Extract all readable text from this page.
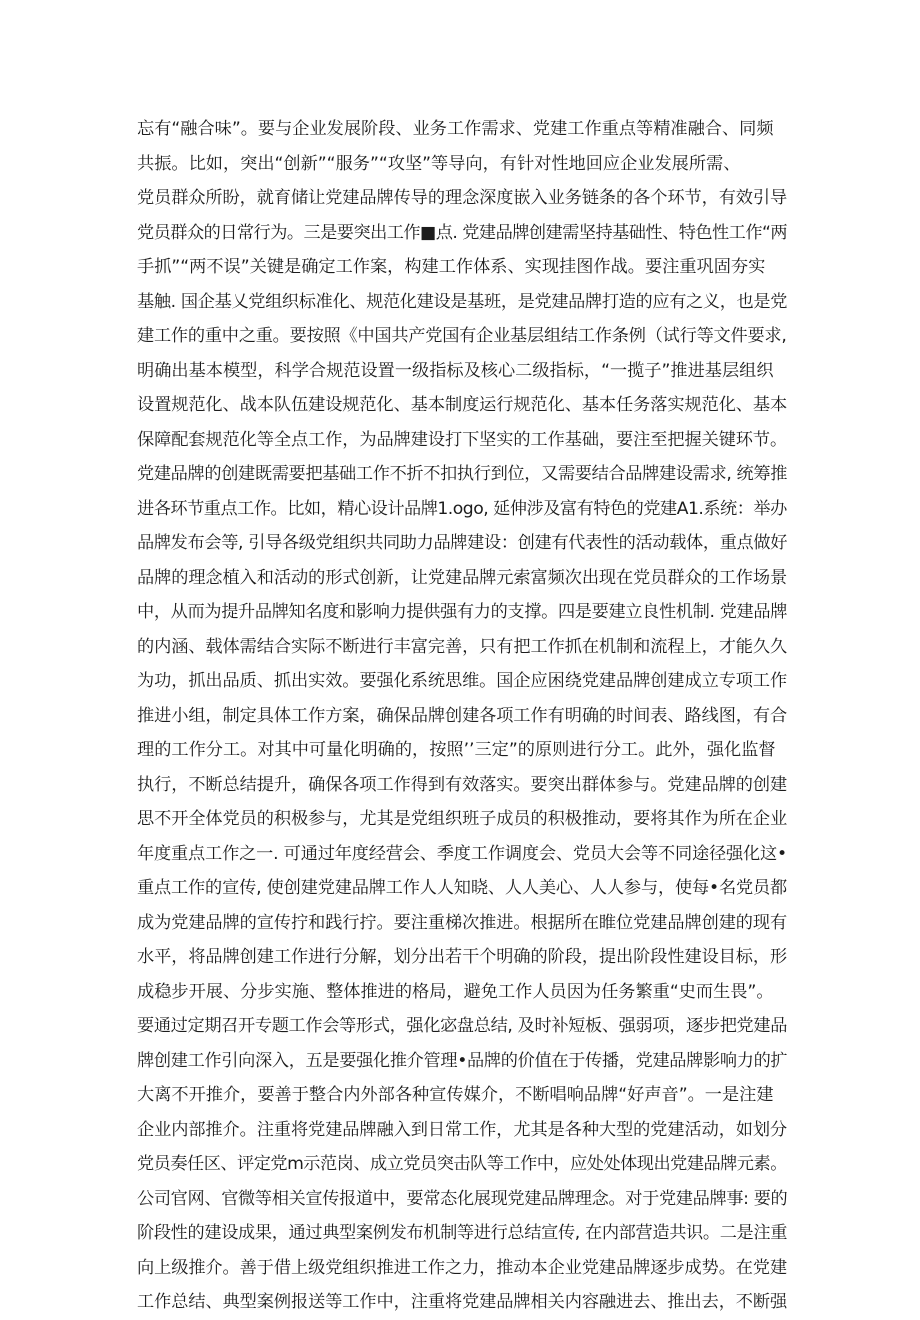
忘有“融合味”。要与企业发展阶段、业务工作需求、党建工作重点等精准融合、同频
共振。比如，突出“创新”“服务”“攻坚”等导向，有针对性地回应企业发展所需、
党员群众所盼，就育储让党建品牌传导的理念深度嵌入业务链条的各个环节，有效引导
党员群众的日常行为。三是要突出工作■点. 党建品牌创建需坚持基础性、特色性工作“两
手抓”“两不误”关键是确定工作案，构建工作体系、实现挂图作战。要注重巩固夯实
基触. 国企基乂党组织标准化、规范化建设是基班，是党建品牌打造的应有之义，也是党
建工作的重中之重。要按照《中国共产党国有企业基层组结工作条例（试行等文件要求,
明确出基本模型，科学合规范设置一级指标及核心二级指标，“一揽子”推进基层组织
设置规范化、战本队伍建设规范化、基本制度运行规范化、基本任务落实规范化、基本
保障配套规范化等全点工作，为品牌建设打下坚实的工作基础，要注至把握关键环节。
党建品牌的创建既需要把基础工作不折不扣执行到位，又需要结合品牌建设需求, 统筹推
进各环节重点工作。比如，精心设计品牌1.ogo, 延伸涉及富有特色的党建A1.系统：举办
品牌发布会等, 引导各级党组织共同助力品牌建设：创建有代表性的活动载体，重点做好
品牌的理念植入和活动的形式创新，让党建品牌元索富频次出现在党员群众的工作场景
中，从而为提升品牌知名度和影响力提供强有力的支撑。四是要建立良性机制. 党建品牌
的内涵、载体需结合实际不断进行丰富完善，只有把工作抓在机制和流程上，才能久久
为功，抓出品质、抓出实效。要强化系统思维。国企应困绕党建品牌创建成立专项工作
推进小组，制定具体工作方案，确保品牌创建各项工作有明确的时间表、路线图，有合
理的工作分工。对其中可量化明确的，按照’’三定”的原则进行分工。此外，强化监督
执行，不断总结提升，确保各项工作得到有效落实。要突出群体参与。党建品牌的创建
思不开全体党员的积极参与，尤其是党组织班子成员的积极推动，要将其作为所在企业
年度重点工作之一. 可通过年度经营会、季度工作调度会、党员大会等不同途径强化这•
重点工作的宣传, 使创建党建品牌工作人人知晓、人人美心、人人参与，使每•名党员都
成为党建品牌的宣传拧和践行拧。要注重梯次推进。根据所在睢位党建品牌创建的现有
水平，将品牌创建工作进行分解，划分出若干个明确的阶段，提出阶段性建设目标，形
成稳步开展、分步实施、整体推进的格局，避免工作人员因为任务繁重“史而生畏”。
要通过定期召开专题工作会等形式，强化宓盘总结, 及时补短板、强弱项，逐步把党建品
牌创建工作引向深入，五是要强化推介管理•品牌的价值在于传播，党建品牌影响力的扩
大离不开推介，要善于整合内外部各种宣传媒介，不断唱响品牌“好声音”。一是注建
企业内部推介。注重将党建品牌融入到日常工作，尤其是各种大型的党建活动，如划分
党员奏任区、评定党m示范岗、成立党员突击队等工作中，应处处体现出党建品牌元素。
公司官网、官微等相关宣传报道中，要常态化展现党建品牌理念。对于党建品牌事: 要的
阶段性的建设成果，通过典型案例发布机制等进行总结宣传, 在内部营造共识。二是注重
向上级推介。善于借上级党组织推进工作之力，推动本企业党建品牌逐步成势。在党建
工作总结、典型案例报送等工作中，注重将党建品牌相关内容融进去、推出去，不断强
